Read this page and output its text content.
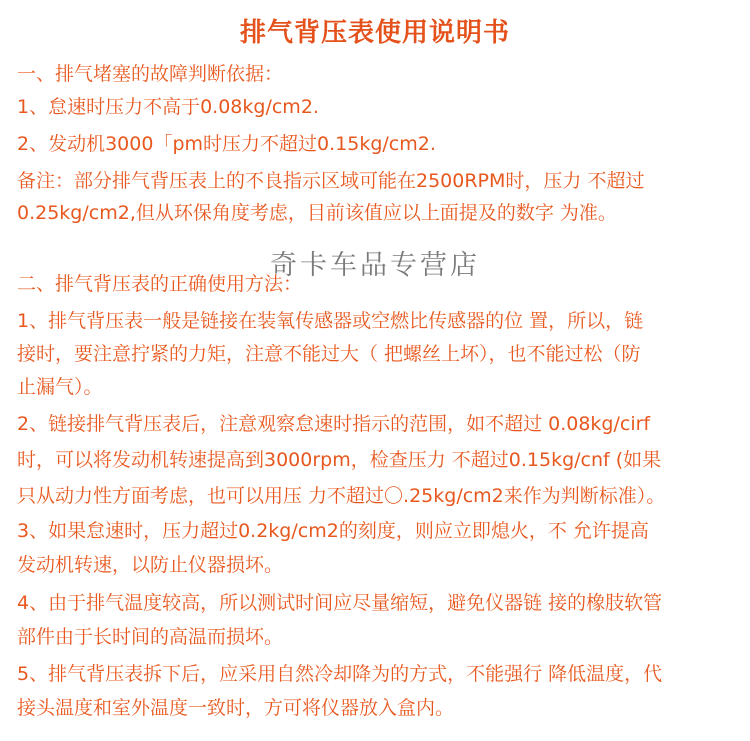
排气背压表使用说明书
一、排气堵塞的故障判断依据：
1、怠速时压力不高于0.08kg/cm2.
2、发动机3000「pm时压力不超过0.15kg/cm2.
备注：部分排气背压表上的不良指示区域可能在2500RPM时，压力 不超过
0.25kg/cm2,但从环保角度考虑，目前该值应以上面提及的数字 为准。
奇卡车品专营店
二、排气背压表的正确使用方法：
1、排气背压表一般是链接在装氧传感器或空燃比传感器的位 置，所以，链
接时，要注意拧紧的力矩，注意不能过大（ 把螺丝上坏），也不能过松（防
止漏气）。
2、链接排气背压表后，注意观察怠速时指示的范围，如不超过 0.08kg/cirf
时，可以将发动机转速提高到3000rpm，检查压力 不超过0.15kg/cnf (如果
只从动力性方面考虑，也可以用压 力不超过〇.25kg/cm2来作为判断标准）。
3、如果怠速时，压力超过0.2kg/cm2的刻度，则应立即熄火，不 允许提高
发动机转速，以防止仪器损坏。
4、由于排气温度较高，所以测试时间应尽量缩短，避免仪器链 接的橡肢软管
部件由于长时间的高温而损坏。
5、排气背压表拆下后，应采用自然冷却降为的方式，不能强行 降低温度，代
接头温度和室外温度一致时，方可将仪器放入盒内。
